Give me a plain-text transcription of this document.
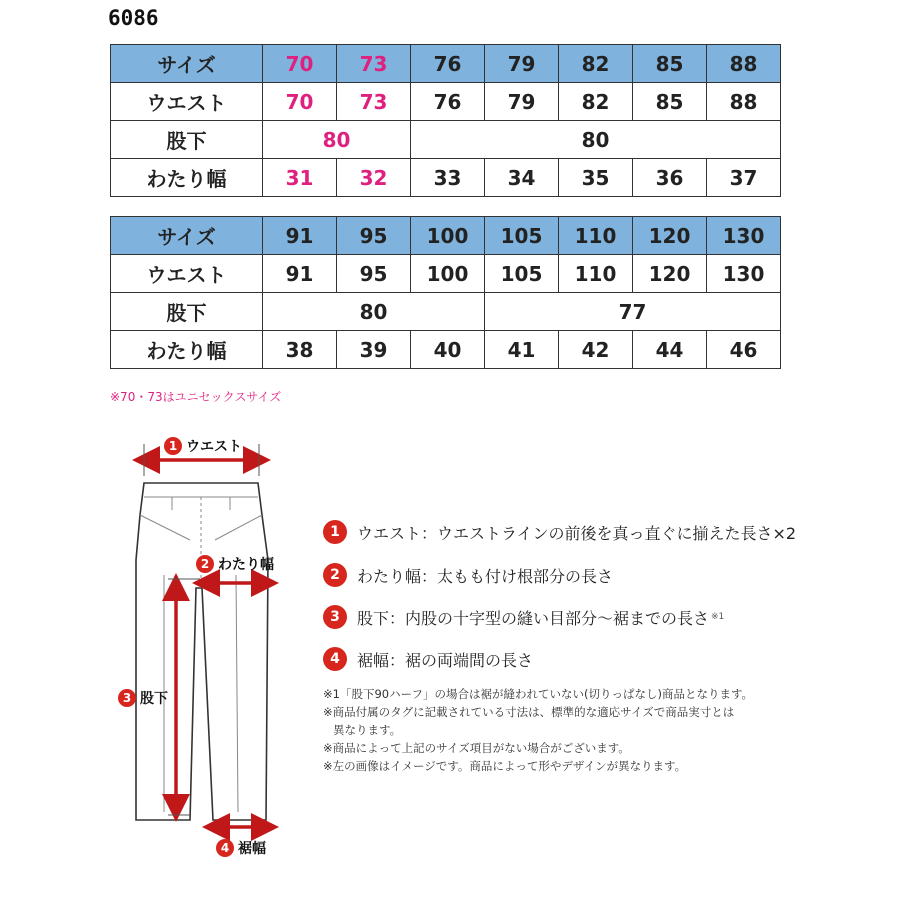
6086
サイズ	70	73	76	79	82	85	88
ウエスト	70	73	76	79	82	85	88
股下	80		80				
わたり幅	31	32	33	34	35	36	37
サイズ	91	95	100	105	110	120	130
ウエスト	91	95	100	105	110	120	130
股下	80			77			
わたり幅	38	39	40	41	42	44	46
※70・73はユニセックスサイズ
1 ウエスト
2 わたり幅
3 股下
4 裾幅
1	ウエスト：ウエストラインの前後を真っ直ぐに揃えた長さ×2
2	わたり幅：太もも付け根部分の長さ
3	股下：内股の十字型の縫い目部分〜裾までの長さ ※1
4	裾幅：裾の両端間の長さ
※1「股下90ハーフ」の場合は裾が縫われていない(切りっぱなし)商品となります。
※商品付属のタグに記載されている寸法は、標準的な適応サイズで商品実寸とは
異なります。
※商品によって上記のサイズ項目がない場合がございます。
※左の画像はイメージです。商品によって形やデザインが異なります。
